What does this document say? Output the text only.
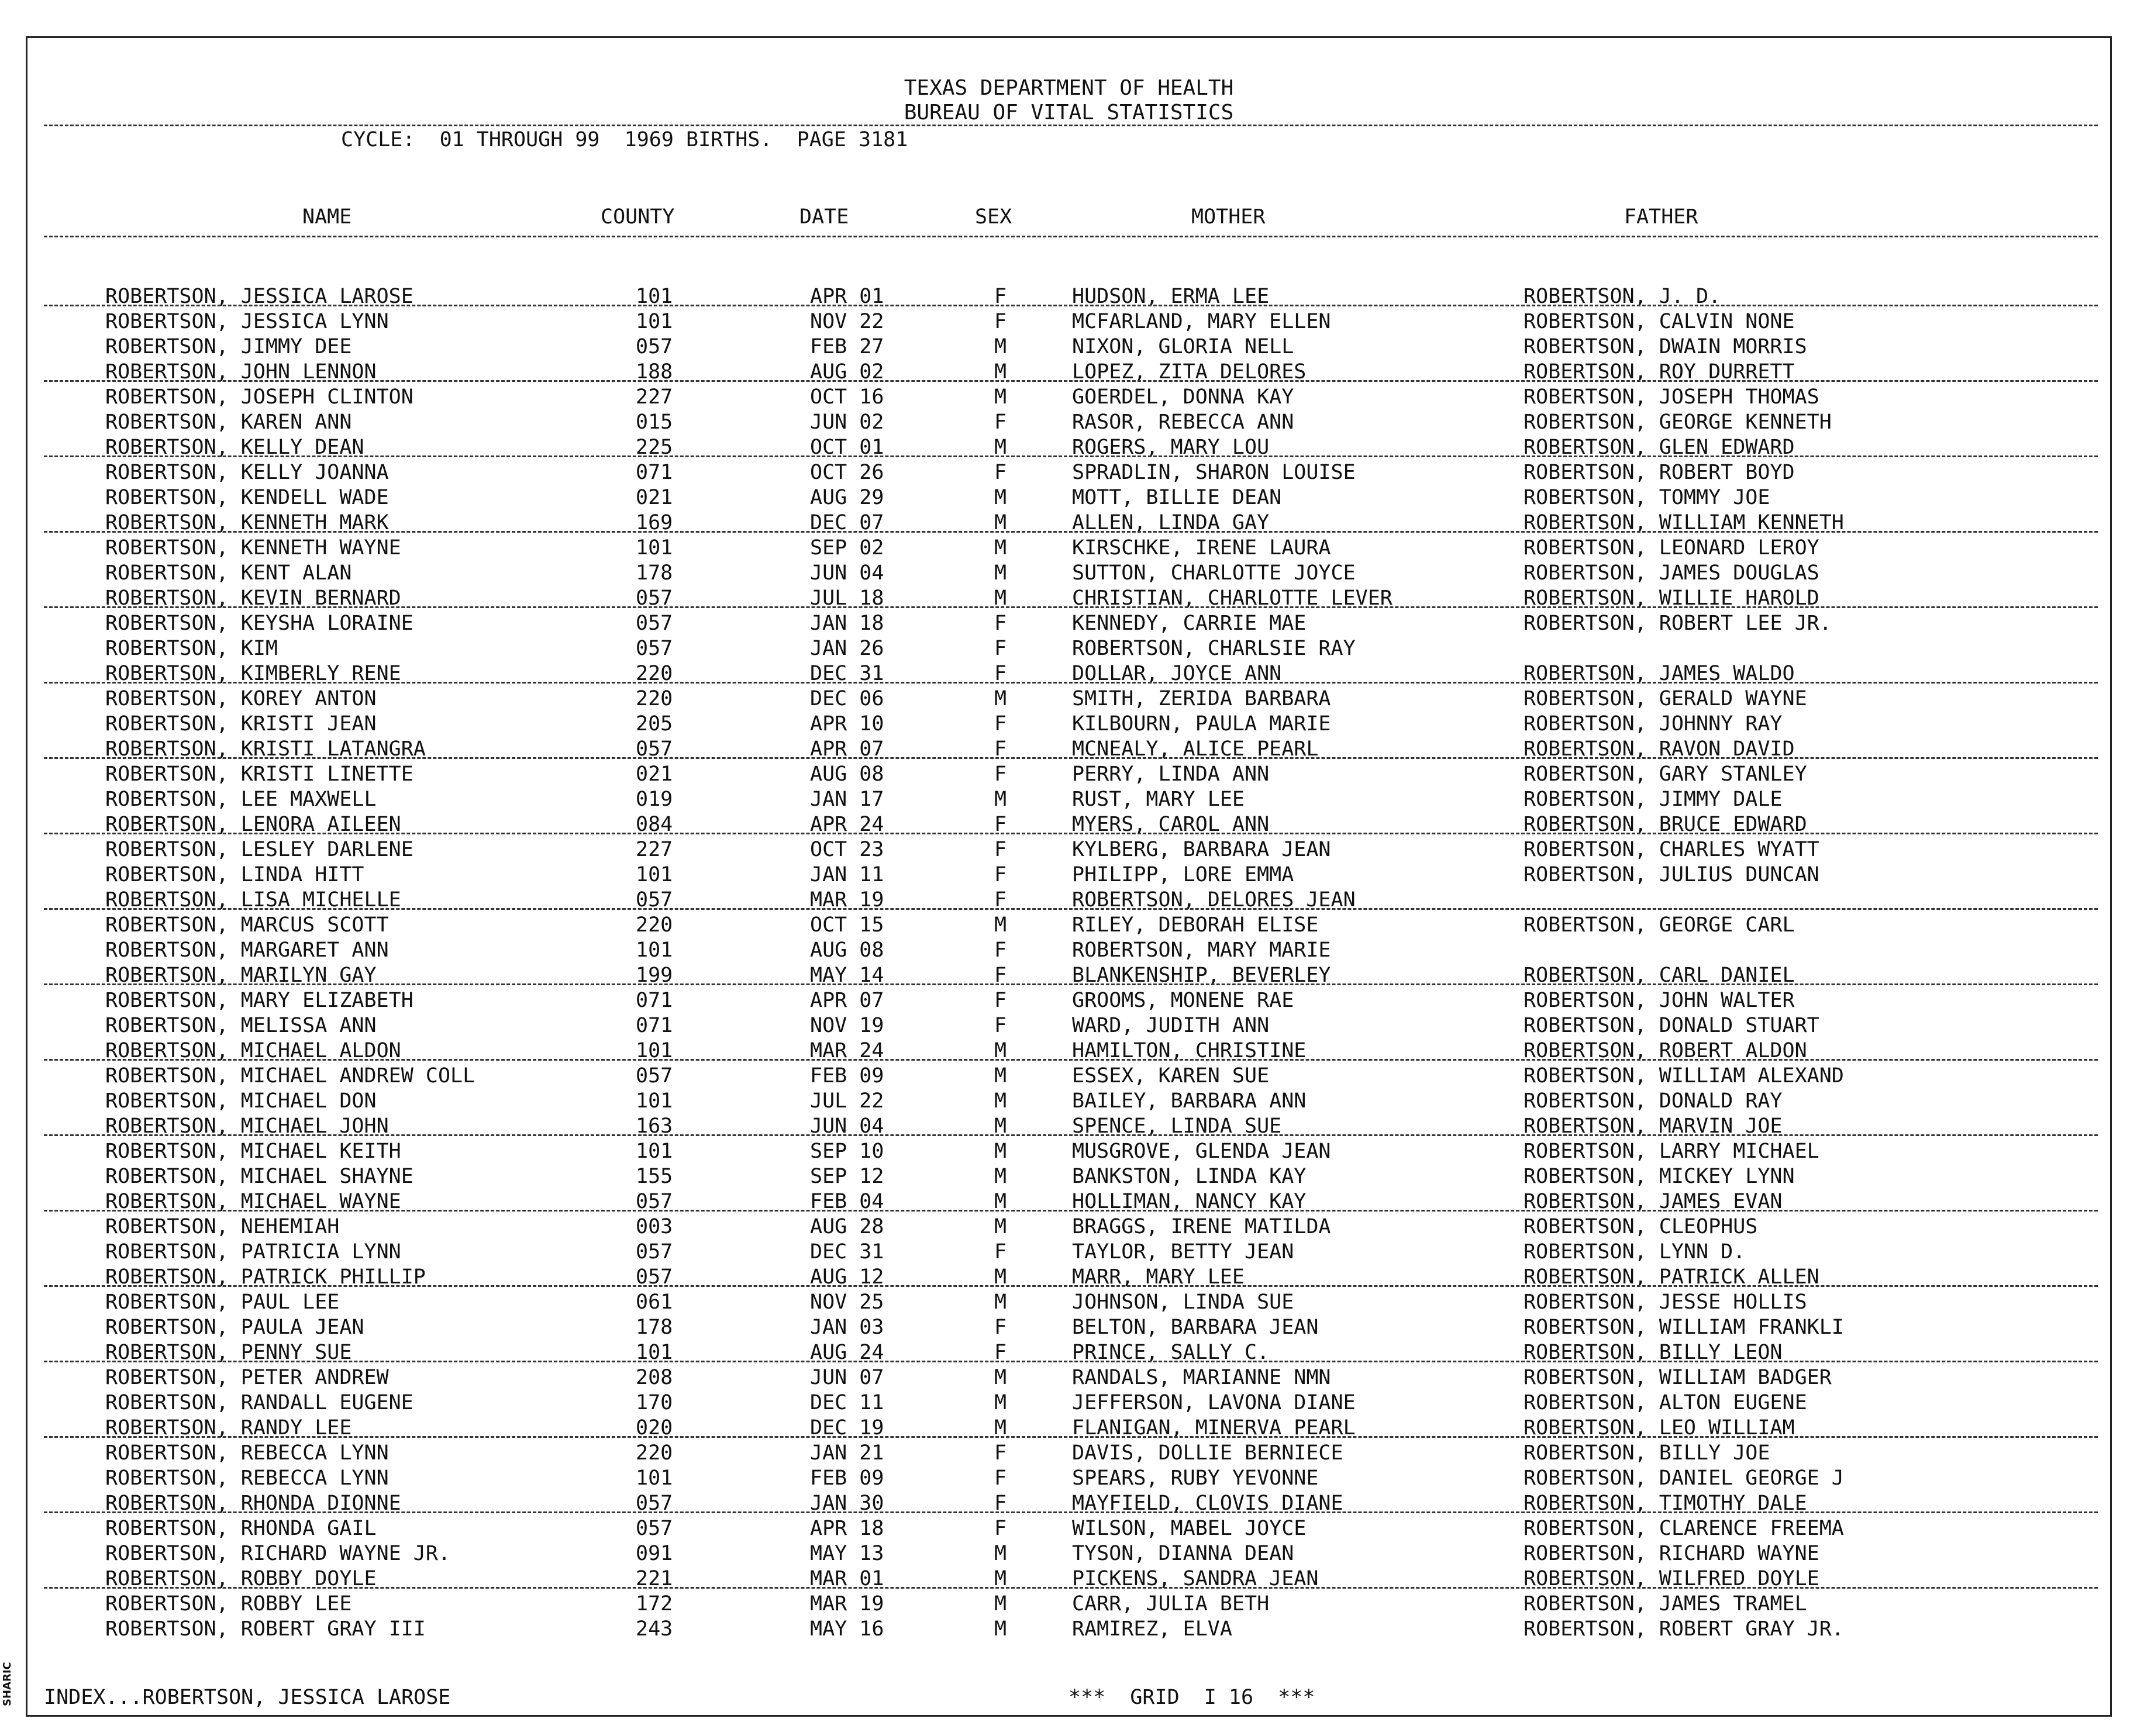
TEXAS DEPARTMENT OF HEALTH
BUREAU OF VITAL STATISTICS
CYCLE:  01 THROUGH 99  1969 BIRTHS.  PAGE 3181
NAME	COUNTY	DATE	SEX	MOTHER	FATHER
ROBERTSON, JESSICA LAROSE	101	APR 01	F	HUDSON, ERMA LEE	ROBERTSON, J. D.
ROBERTSON, JESSICA LYNN	101	NOV 22	F	MCFARLAND, MARY ELLEN	ROBERTSON, CALVIN NONE
ROBERTSON, JIMMY DEE	057	FEB 27	M	NIXON, GLORIA NELL	ROBERTSON, DWAIN MORRIS
ROBERTSON, JOHN LENNON	188	AUG 02	M	LOPEZ, ZITA DELORES	ROBERTSON, ROY DURRETT
ROBERTSON, JOSEPH CLINTON	227	OCT 16	M	GOERDEL, DONNA KAY	ROBERTSON, JOSEPH THOMAS
ROBERTSON, KAREN ANN	015	JUN 02	F	RASOR, REBECCA ANN	ROBERTSON, GEORGE KENNETH
ROBERTSON, KELLY DEAN	225	OCT 01	M	ROGERS, MARY LOU	ROBERTSON, GLEN EDWARD
ROBERTSON, KELLY JOANNA	071	OCT 26	F	SPRADLIN, SHARON LOUISE	ROBERTSON, ROBERT BOYD
ROBERTSON, KENDELL WADE	021	AUG 29	M	MOTT, BILLIE DEAN	ROBERTSON, TOMMY JOE
ROBERTSON, KENNETH MARK	169	DEC 07	M	ALLEN, LINDA GAY	ROBERTSON, WILLIAM KENNETH
ROBERTSON, KENNETH WAYNE	101	SEP 02	M	KIRSCHKE, IRENE LAURA	ROBERTSON, LEONARD LEROY
ROBERTSON, KENT ALAN	178	JUN 04	M	SUTTON, CHARLOTTE JOYCE	ROBERTSON, JAMES DOUGLAS
ROBERTSON, KEVIN BERNARD	057	JUL 18	M	CHRISTIAN, CHARLOTTE LEVER	ROBERTSON, WILLIE HAROLD
ROBERTSON, KEYSHA LORAINE	057	JAN 18	F	KENNEDY, CARRIE MAE	ROBERTSON, ROBERT LEE JR.
ROBERTSON, KIM	057	JAN 26	F	ROBERTSON, CHARLSIE RAY
ROBERTSON, KIMBERLY RENE	220	DEC 31	F	DOLLAR, JOYCE ANN	ROBERTSON, JAMES WALDO
ROBERTSON, KOREY ANTON	220	DEC 06	M	SMITH, ZERIDA BARBARA	ROBERTSON, GERALD WAYNE
ROBERTSON, KRISTI JEAN	205	APR 10	F	KILBOURN, PAULA MARIE	ROBERTSON, JOHNNY RAY
ROBERTSON, KRISTI LATANGRA	057	APR 07	F	MCNEALY, ALICE PEARL	ROBERTSON, RAVON DAVID
ROBERTSON, KRISTI LINETTE	021	AUG 08	F	PERRY, LINDA ANN	ROBERTSON, GARY STANLEY
ROBERTSON, LEE MAXWELL	019	JAN 17	M	RUST, MARY LEE	ROBERTSON, JIMMY DALE
ROBERTSON, LENORA AILEEN	084	APR 24	F	MYERS, CAROL ANN	ROBERTSON, BRUCE EDWARD
ROBERTSON, LESLEY DARLENE	227	OCT 23	F	KYLBERG, BARBARA JEAN	ROBERTSON, CHARLES WYATT
ROBERTSON, LINDA HITT	101	JAN 11	F	PHILIPP, LORE EMMA	ROBERTSON, JULIUS DUNCAN
ROBERTSON, LISA MICHELLE	057	MAR 19	F	ROBERTSON, DELORES JEAN
ROBERTSON, MARCUS SCOTT	220	OCT 15	M	RILEY, DEBORAH ELISE	ROBERTSON, GEORGE CARL
ROBERTSON, MARGARET ANN	101	AUG 08	F	ROBERTSON, MARY MARIE
ROBERTSON, MARILYN GAY	199	MAY 14	F	BLANKENSHIP, BEVERLEY	ROBERTSON, CARL DANIEL
ROBERTSON, MARY ELIZABETH	071	APR 07	F	GROOMS, MONENE RAE	ROBERTSON, JOHN WALTER
ROBERTSON, MELISSA ANN	071	NOV 19	F	WARD, JUDITH ANN	ROBERTSON, DONALD STUART
ROBERTSON, MICHAEL ALDON	101	MAR 24	M	HAMILTON, CHRISTINE	ROBERTSON, ROBERT ALDON
ROBERTSON, MICHAEL ANDREW COLL	057	FEB 09	M	ESSEX, KAREN SUE	ROBERTSON, WILLIAM ALEXAND
ROBERTSON, MICHAEL DON	101	JUL 22	M	BAILEY, BARBARA ANN	ROBERTSON, DONALD RAY
ROBERTSON, MICHAEL JOHN	163	JUN 04	M	SPENCE, LINDA SUE	ROBERTSON, MARVIN JOE
ROBERTSON, MICHAEL KEITH	101	SEP 10	M	MUSGROVE, GLENDA JEAN	ROBERTSON, LARRY MICHAEL
ROBERTSON, MICHAEL SHAYNE	155	SEP 12	M	BANKSTON, LINDA KAY	ROBERTSON, MICKEY LYNN
ROBERTSON, MICHAEL WAYNE	057	FEB 04	M	HOLLIMAN, NANCY KAY	ROBERTSON, JAMES EVAN
ROBERTSON, NEHEMIAH	003	AUG 28	M	BRAGGS, IRENE MATILDA	ROBERTSON, CLEOPHUS
ROBERTSON, PATRICIA LYNN	057	DEC 31	F	TAYLOR, BETTY JEAN	ROBERTSON, LYNN D.
ROBERTSON, PATRICK PHILLIP	057	AUG 12	M	MARR, MARY LEE	ROBERTSON, PATRICK ALLEN
ROBERTSON, PAUL LEE	061	NOV 25	M	JOHNSON, LINDA SUE	ROBERTSON, JESSE HOLLIS
ROBERTSON, PAULA JEAN	178	JAN 03	F	BELTON, BARBARA JEAN	ROBERTSON, WILLIAM FRANKLI
ROBERTSON, PENNY SUE	101	AUG 24	F	PRINCE, SALLY C.	ROBERTSON, BILLY LEON
ROBERTSON, PETER ANDREW	208	JUN 07	M	RANDALS, MARIANNE NMN	ROBERTSON, WILLIAM BADGER
ROBERTSON, RANDALL EUGENE	170	DEC 11	M	JEFFERSON, LAVONA DIANE	ROBERTSON, ALTON EUGENE
ROBERTSON, RANDY LEE	020	DEC 19	M	FLANIGAN, MINERVA PEARL	ROBERTSON, LEO WILLIAM
ROBERTSON, REBECCA LYNN	220	JAN 21	F	DAVIS, DOLLIE BERNIECE	ROBERTSON, BILLY JOE
ROBERTSON, REBECCA LYNN	101	FEB 09	F	SPEARS, RUBY YEVONNE	ROBERTSON, DANIEL GEORGE J
ROBERTSON, RHONDA DIONNE	057	JAN 30	F	MAYFIELD, CLOVIS DIANE	ROBERTSON, TIMOTHY DALE
ROBERTSON, RHONDA GAIL	057	APR 18	F	WILSON, MABEL JOYCE	ROBERTSON, CLARENCE FREEMA
ROBERTSON, RICHARD WAYNE JR.	091	MAY 13	M	TYSON, DIANNA DEAN	ROBERTSON, RICHARD WAYNE
ROBERTSON, ROBBY DOYLE	221	MAR 01	M	PICKENS, SANDRA JEAN	ROBERTSON, WILFRED DOYLE
ROBERTSON, ROBBY LEE	172	MAR 19	M	CARR, JULIA BETH	ROBERTSON, JAMES TRAMEL
ROBERTSON, ROBERT GRAY III	243	MAY 16	M	RAMIREZ, ELVA	ROBERTSON, ROBERT GRAY JR.
INDEX...ROBERTSON, JESSICA LAROSE	***  GRID  I 16  ***
SHARIC
